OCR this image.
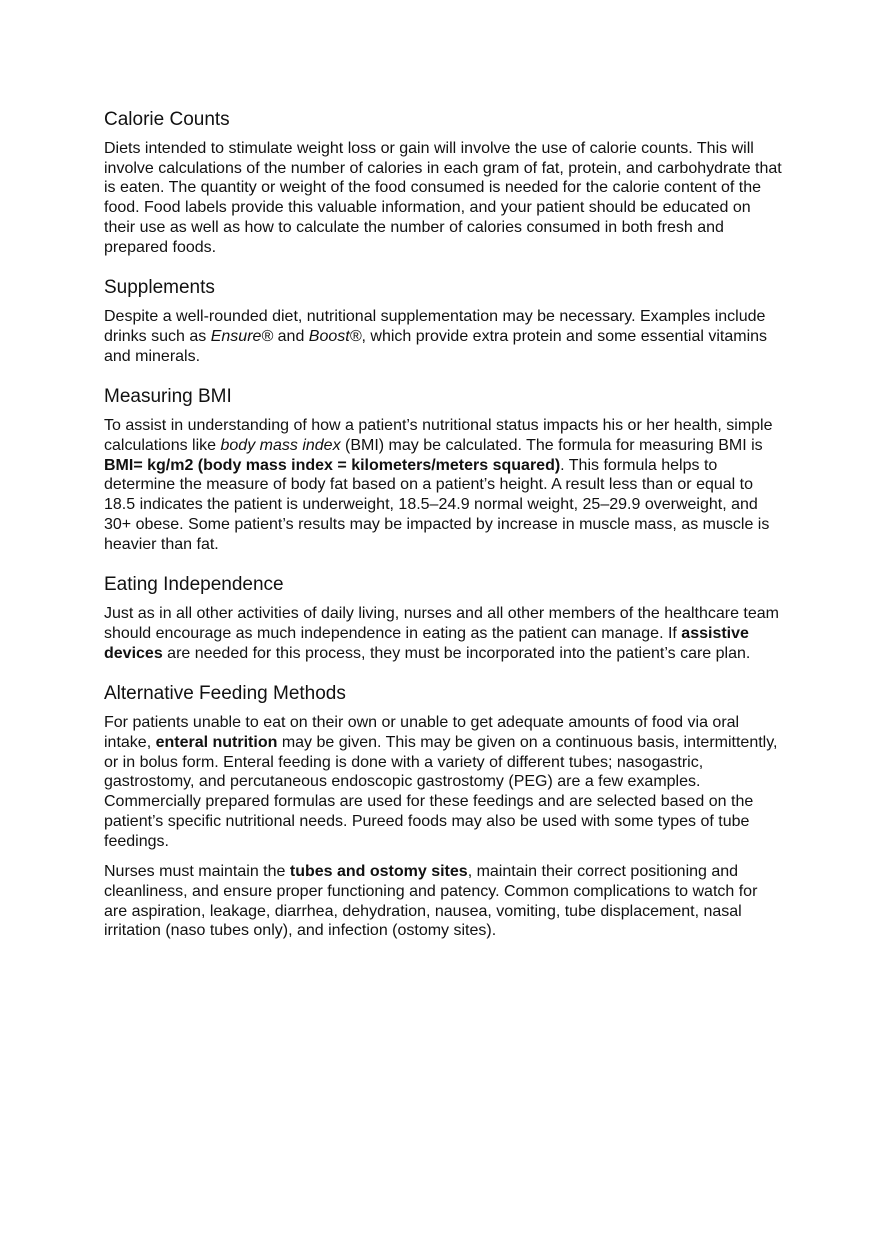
Calorie Counts

Diets intended to stimulate weight loss or gain will involve the use of calorie counts. This will involve calculations of the number of calories in each gram of fat, protein, and carbohydrate that is eaten. The quantity or weight of the food consumed is needed for the calorie content of the food. Food labels provide this valuable information, and your patient should be educated on their use as well as how to calculate the number of calories consumed in both fresh and prepared foods.

Supplements

Despite a well-rounded diet, nutritional supplementation may be necessary. Examples include drinks such as Ensure® and Boost®, which provide extra protein and some essential vitamins and minerals.

Measuring BMI

To assist in understanding of how a patient’s nutritional status impacts his or her health, simple calculations like body mass index (BMI) may be calculated. The formula for measuring BMI is BMI= kg/m2 (body mass index = kilometers/meters squared). This formula helps to determine the measure of body fat based on a patient’s height. A result less than or equal to 18.5 indicates the patient is underweight, 18.5–24.9 normal weight, 25–29.9 overweight, and 30+ obese. Some patient’s results may be impacted by increase in muscle mass, as muscle is heavier than fat.

Eating Independence

Just as in all other activities of daily living, nurses and all other members of the healthcare team should encourage as much independence in eating as the patient can manage. If assistive devices are needed for this process, they must be incorporated into the patient’s care plan.

Alternative Feeding Methods

For patients unable to eat on their own or unable to get adequate amounts of food via oral intake, enteral nutrition may be given. This may be given on a continuous basis, intermittently, or in bolus form. Enteral feeding is done with a variety of different tubes; nasogastric, gastrostomy, and percutaneous endoscopic gastrostomy (PEG) are a few examples. Commercially prepared formulas are used for these feedings and are selected based on the patient’s specific nutritional needs. Pureed foods may also be used with some types of tube feedings.

Nurses must maintain the tubes and ostomy sites, maintain their correct positioning and cleanliness, and ensure proper functioning and patency. Common complications to watch for are aspiration, leakage, diarrhea, dehydration, nausea, vomiting, tube displacement, nasal irritation (naso tubes only), and infection (ostomy sites).
